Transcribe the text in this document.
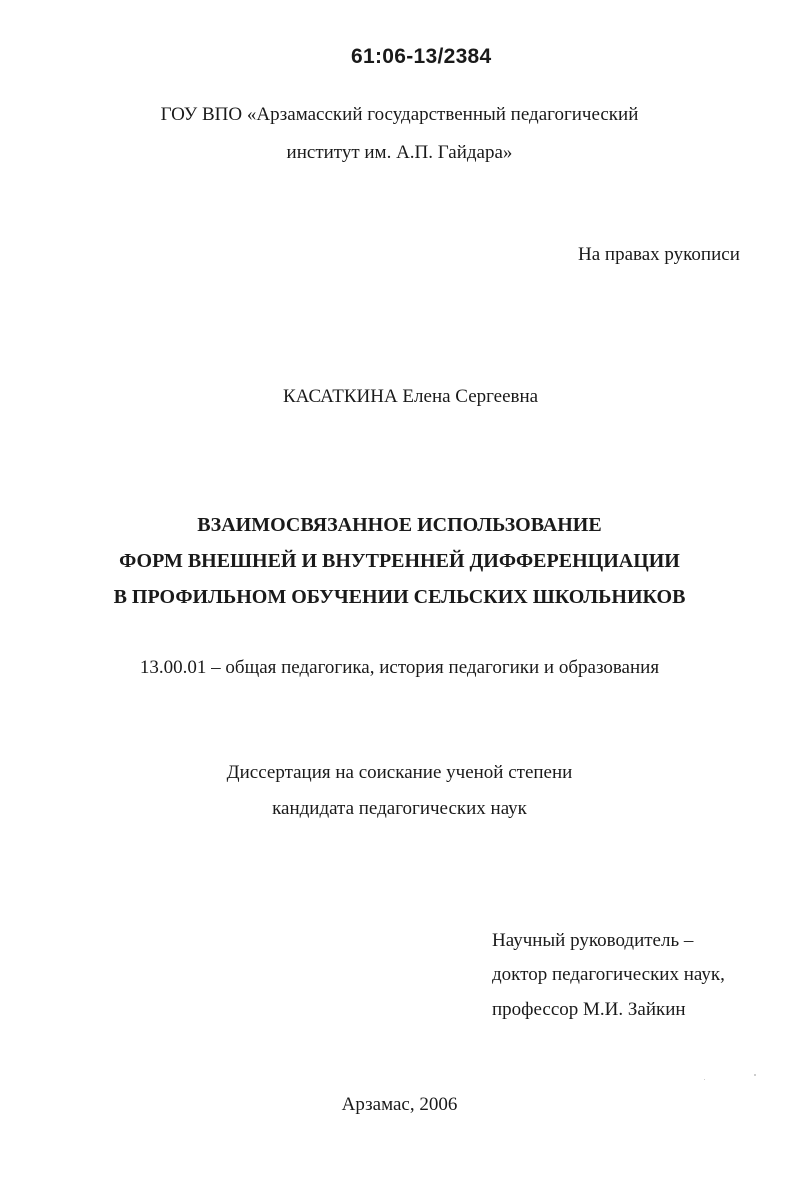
61:06-13/2384
ГОУ ВПО «Арзамасский государственный педагогический
институт им. А.П. Гайдара»
На правах рукописи
КАСАТКИНА Елена Сергеевна
ВЗАИМОСВЯЗАННОЕ ИСПОЛЬЗОВАНИЕ
ФОРМ ВНЕШНЕЙ И ВНУТРЕННЕЙ ДИФФЕРЕНЦИАЦИИ
В ПРОФИЛЬНОМ ОБУЧЕНИИ СЕЛЬСКИХ ШКОЛЬНИКОВ
13.00.01 – общая педагогика, история педагогики и образования
Диссертация на соискание ученой степени
кандидата педагогических наук
Научный руководитель –
доктор педагогических наук,
профессор М.И. Зайкин
Арзамас, 2006
